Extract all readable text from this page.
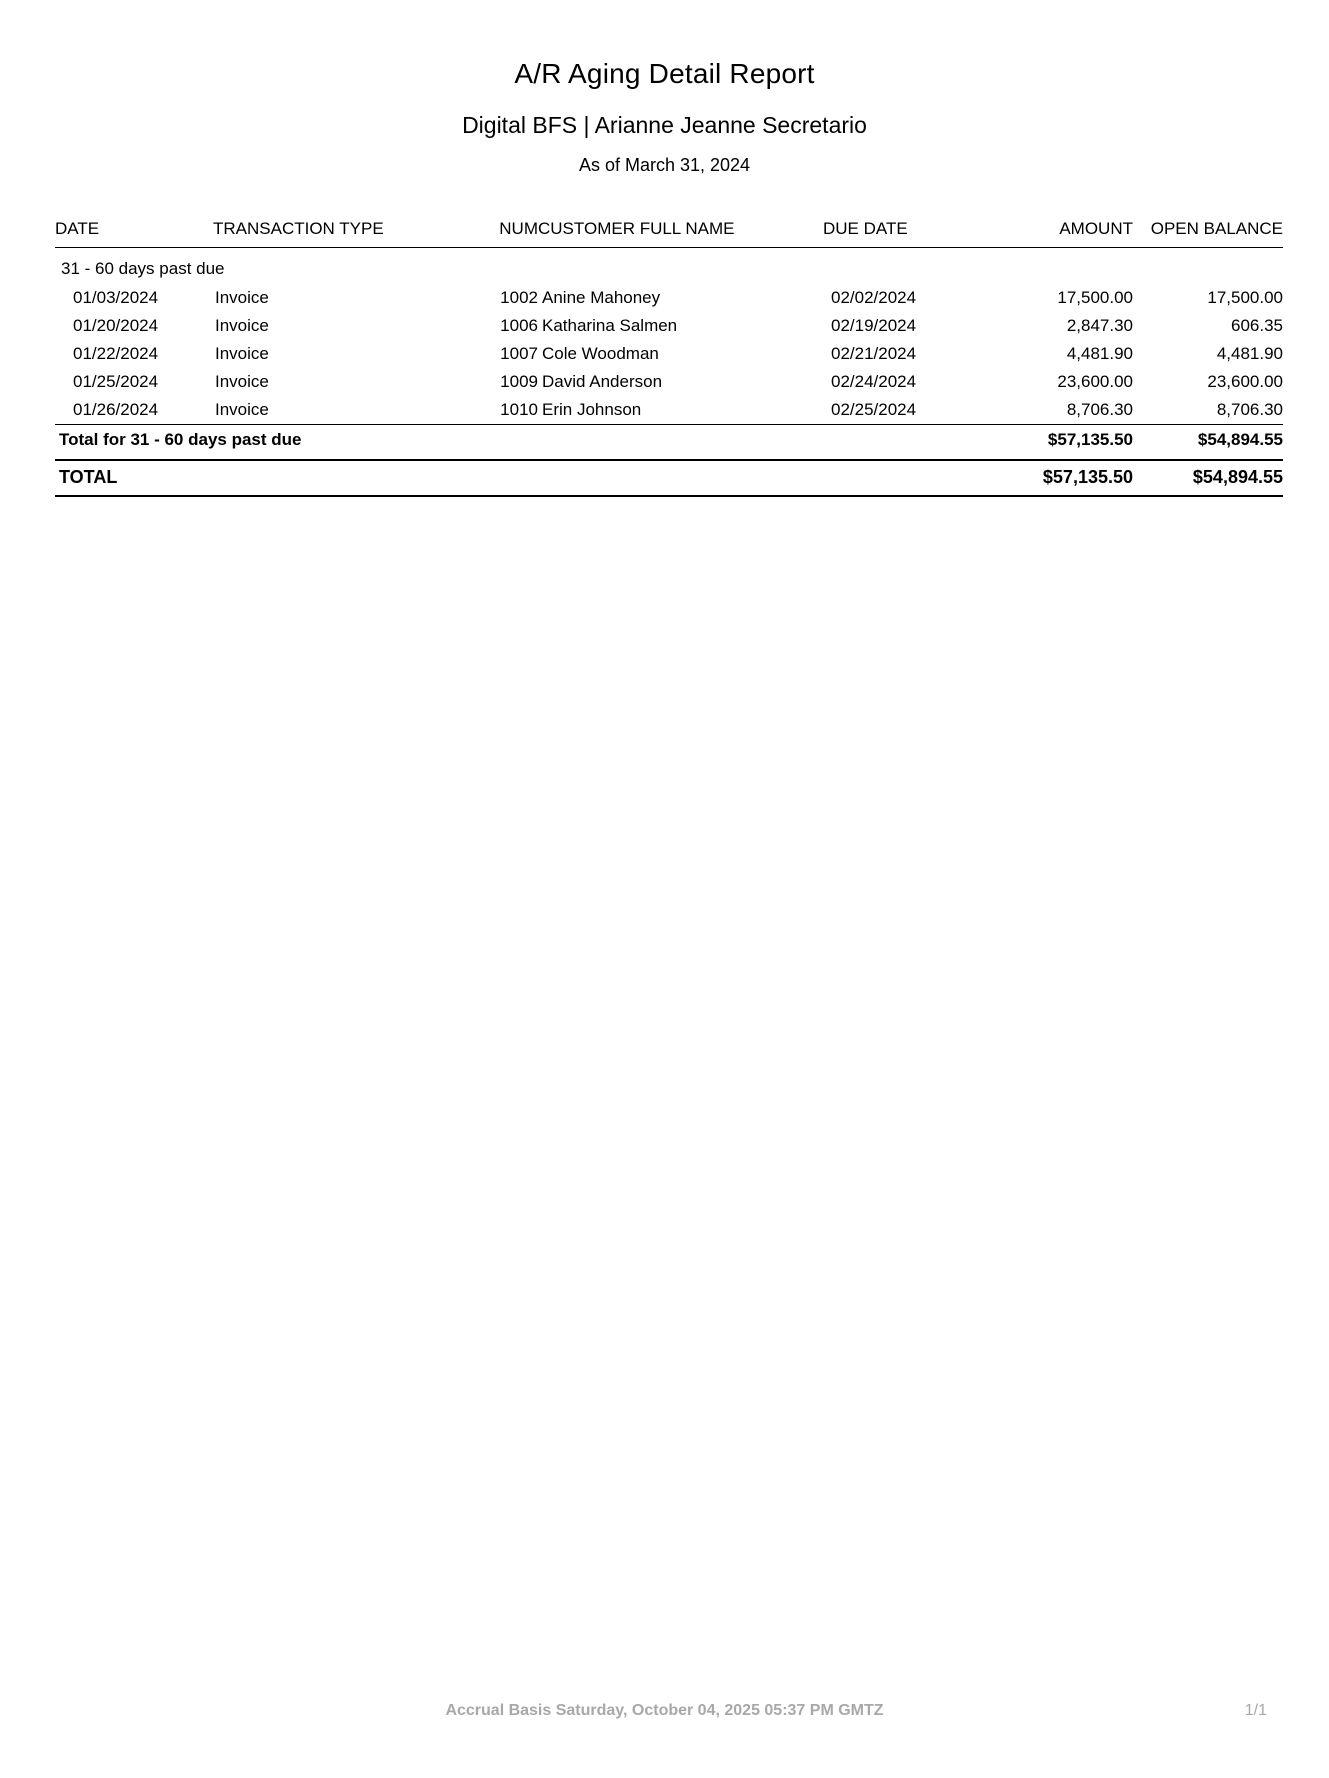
A/R Aging Detail Report
Digital BFS | Arianne Jeanne Secretario
As of March 31, 2024
DATE	TRANSACTION TYPE	NUM	CUSTOMER FULL NAME	DUE DATE	AMOUNT	OPEN BALANCE
31 - 60 days past due						
01/03/2024	Invoice	1002	Anine Mahoney	02/02/2024	17,500.00	17,500.00
01/20/2024	Invoice	1006	Katharina Salmen	02/19/2024	2,847.30	606.35
01/22/2024	Invoice	1007	Cole Woodman	02/21/2024	4,481.90	4,481.90
01/25/2024	Invoice	1009	David Anderson	02/24/2024	23,600.00	23,600.00
01/26/2024	Invoice	1010	Erin Johnson	02/25/2024	8,706.30	8,706.30
Total for 31 - 60 days past due					$57,135.50	$54,894.55

TOTAL					$57,135.50	$54,894.55
Accrual Basis Saturday, October 04, 2025 05:37 PM GMTZ	1/1
